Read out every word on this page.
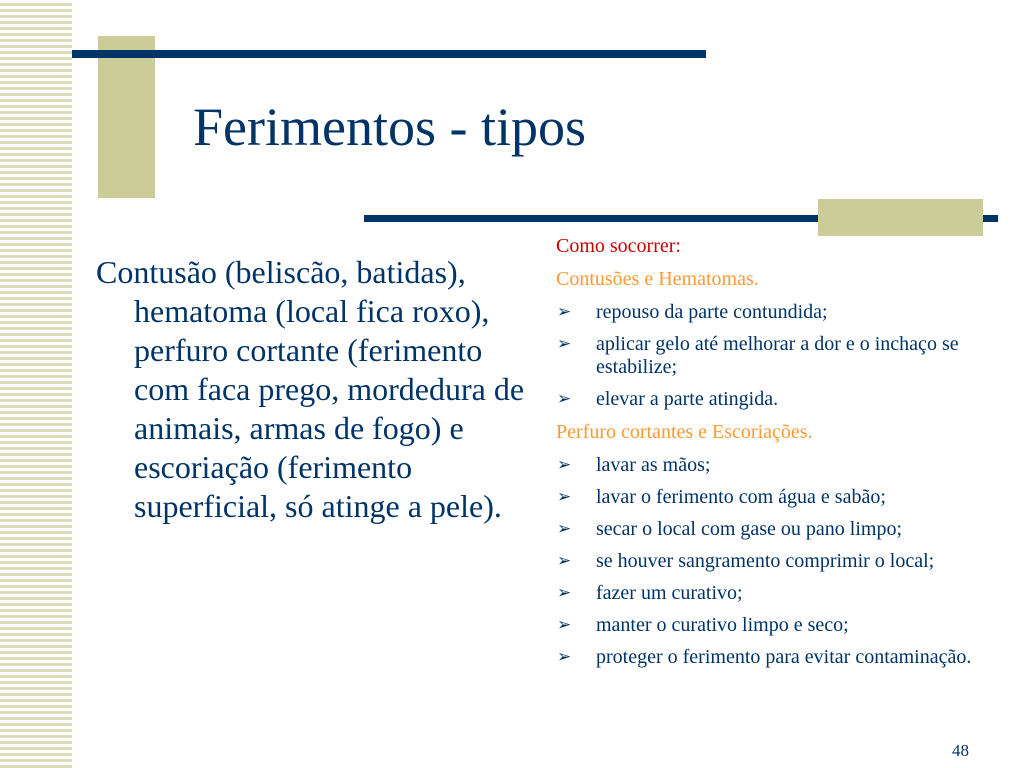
Ferimentos - tipos
Contusão (beliscão, batidas), hematoma (local fica roxo), perfuro cortante (ferimento com faca prego, mordedura de animais, armas de fogo) e escoriação (ferimento superficial, só atinge a pele).
Como socorrer:
Contusões e Hematomas.
➢ repouso da parte contundida;
➢ aplicar gelo até melhorar a dor e o inchaço se estabilize;
➢ elevar a parte atingida.
Perfuro cortantes e Escoriações.
➢ lavar as mãos;
➢ lavar o ferimento com água e sabão;
➢ secar o local com gase ou pano limpo;
➢ se houver sangramento comprimir o local;
➢ fazer um curativo;
➢ manter o curativo limpo e seco;
➢ proteger o ferimento para evitar contaminação.
48
